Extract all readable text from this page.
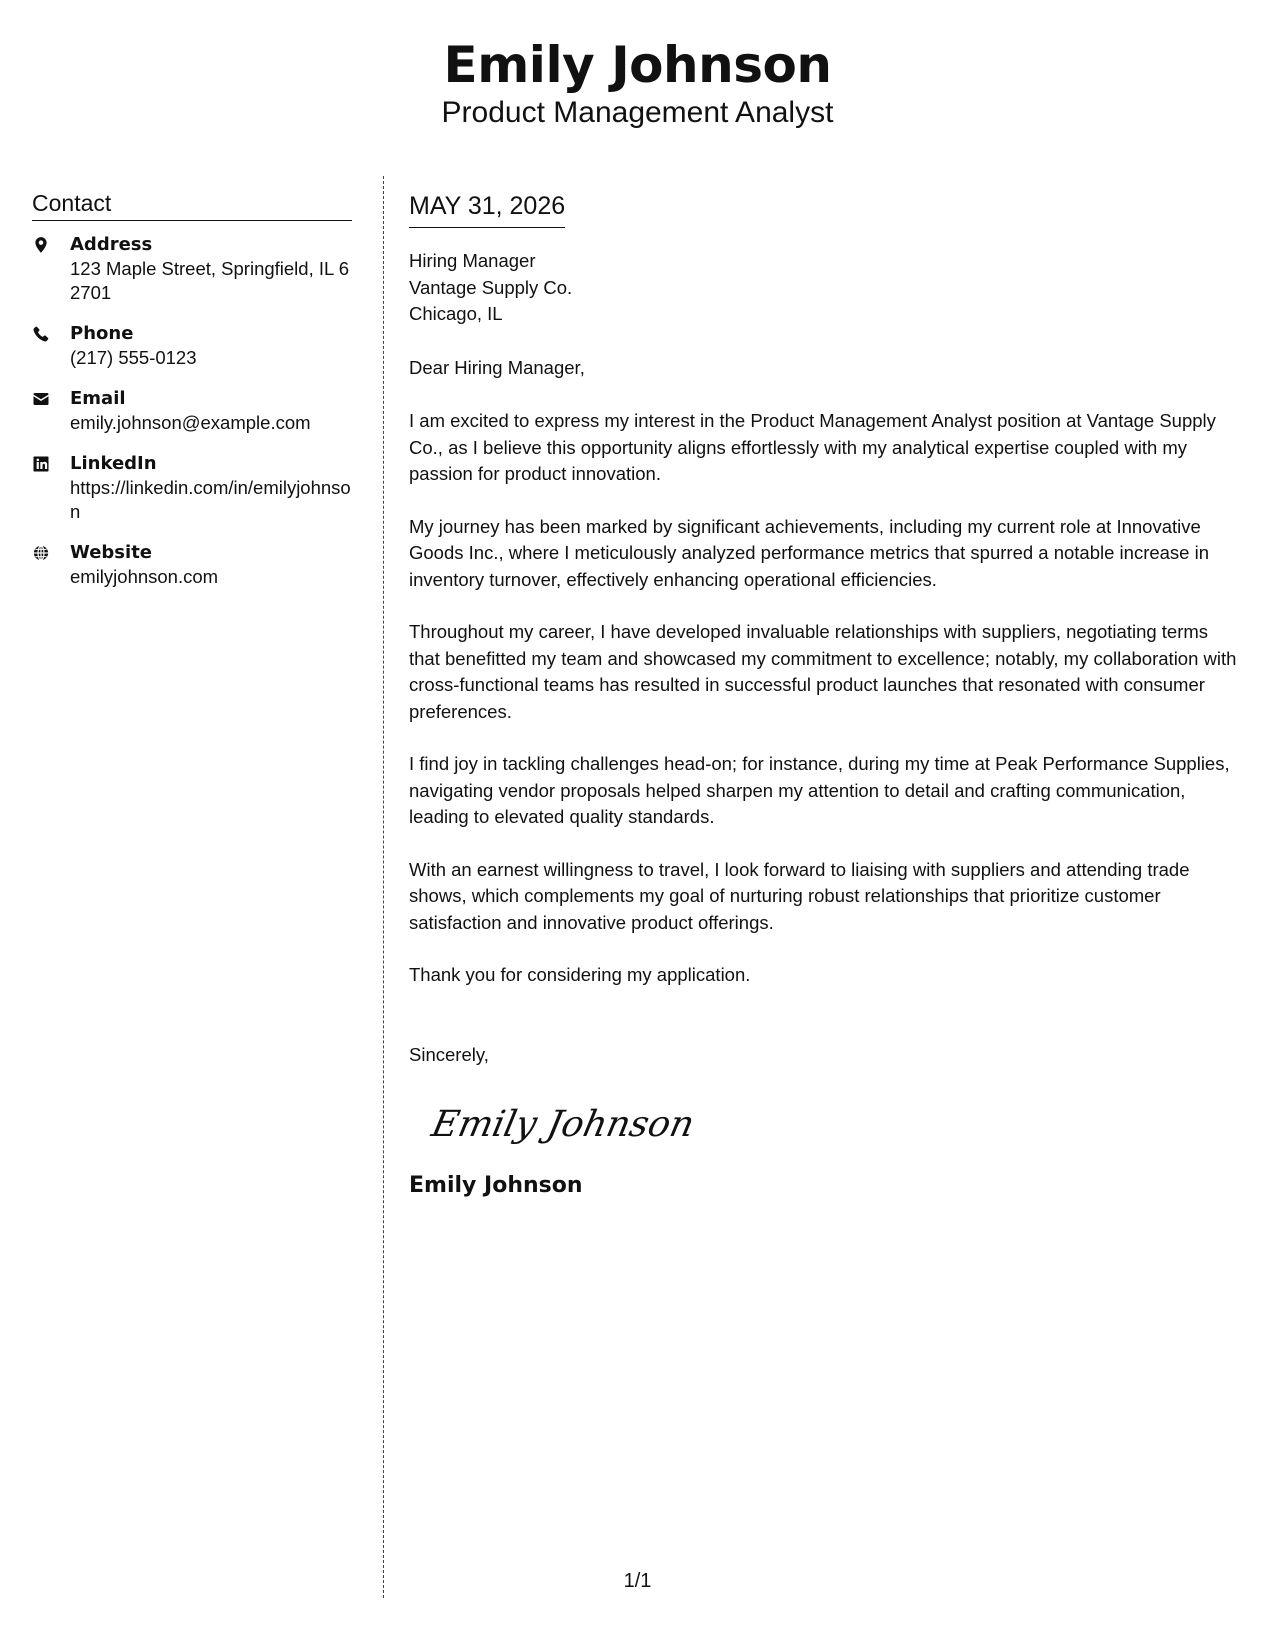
Emily Johnson
Product Management Analyst
Contact
Address
123 Maple Street, Springfield, IL 62701
Phone
(217) 555-0123
Email
emily.johnson@example.com
LinkedIn
https://linkedin.com/in/emilyjohnson
Website
emilyjohnson.com
MAY 31, 2026
Hiring Manager
Vantage Supply Co.
Chicago, IL
Dear Hiring Manager,

I am excited to express my interest in the Product Management Analyst position at Vantage Supply Co., as I believe this opportunity aligns effortlessly with my analytical expertise coupled with my passion for product innovation.

My journey has been marked by significant achievements, including my current role at Innovative Goods Inc., where I meticulously analyzed performance metrics that spurred a notable increase in inventory turnover, effectively enhancing operational efficiencies.

Throughout my career, I have developed invaluable relationships with suppliers, negotiating terms that benefitted my team and showcased my commitment to excellence; notably, my collaboration with cross-functional teams has resulted in successful product launches that resonated with consumer preferences.

I find joy in tackling challenges head-on; for instance, during my time at Peak Performance Supplies, navigating vendor proposals helped sharpen my attention to detail and crafting communication, leading to elevated quality standards.

With an earnest willingness to travel, I look forward to liaising with suppliers and attending trade shows, which complements my goal of nurturing robust relationships that prioritize customer satisfaction and innovative product offerings.

Thank you for considering my application.

Sincerely,
Emily Johnson
Emily Johnson
1/1
